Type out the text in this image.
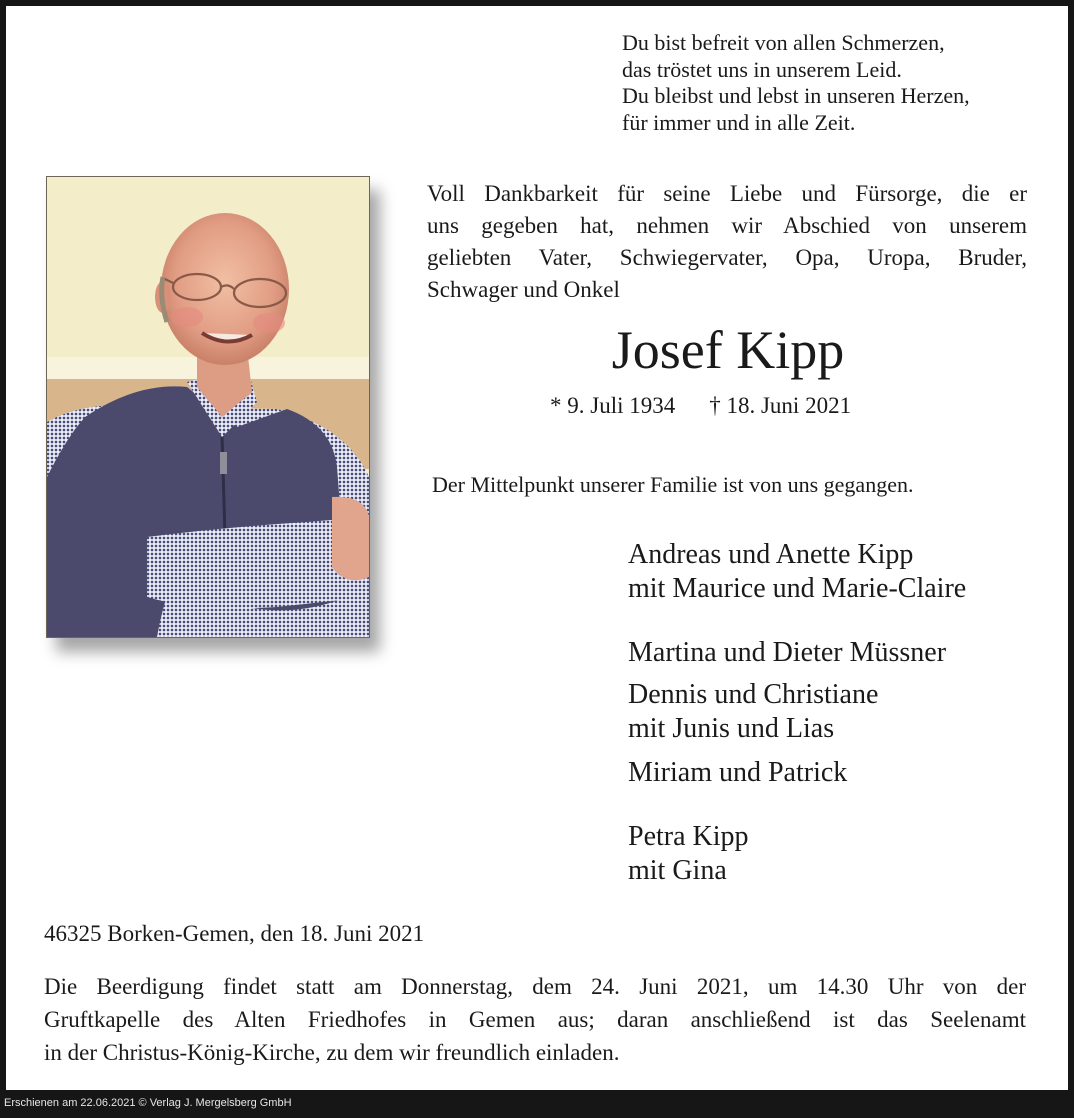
Du bist befreit von allen Schmerzen,
das tröstet uns in unserem Leid.
Du bleibst und lebst in unseren Herzen,
für immer und in alle Zeit.
Voll Dankbarkeit für seine Liebe und Fürsorge, die er
uns gegeben hat, nehmen wir Abschied von unserem
geliebten Vater, Schwiegervater, Opa, Uropa, Bruder,
Schwager und Onkel
Josef Kipp
* 9. Juli 1934 † 18. Juni 2021
Der Mittelpunkt unserer Familie ist von uns gegangen.
Andreas und Anette Kipp
mit Maurice und Marie-Claire
Martina und Dieter Müssner
Dennis und Christiane
mit Junis und Lias
Miriam und Patrick
Petra Kipp
mit Gina
46325 Borken-Gemen, den 18. Juni 2021
Die Beerdigung findet statt am Donnerstag, dem 24. Juni 2021, um 14.30 Uhr von der
Gruftkapelle des Alten Friedhofes in Gemen aus; daran anschließend ist das Seelenamt
in der Christus-König-Kirche, zu dem wir freundlich einladen.
Erschienen am 22.06.2021 © Verlag J. Mergelsberg GmbH
